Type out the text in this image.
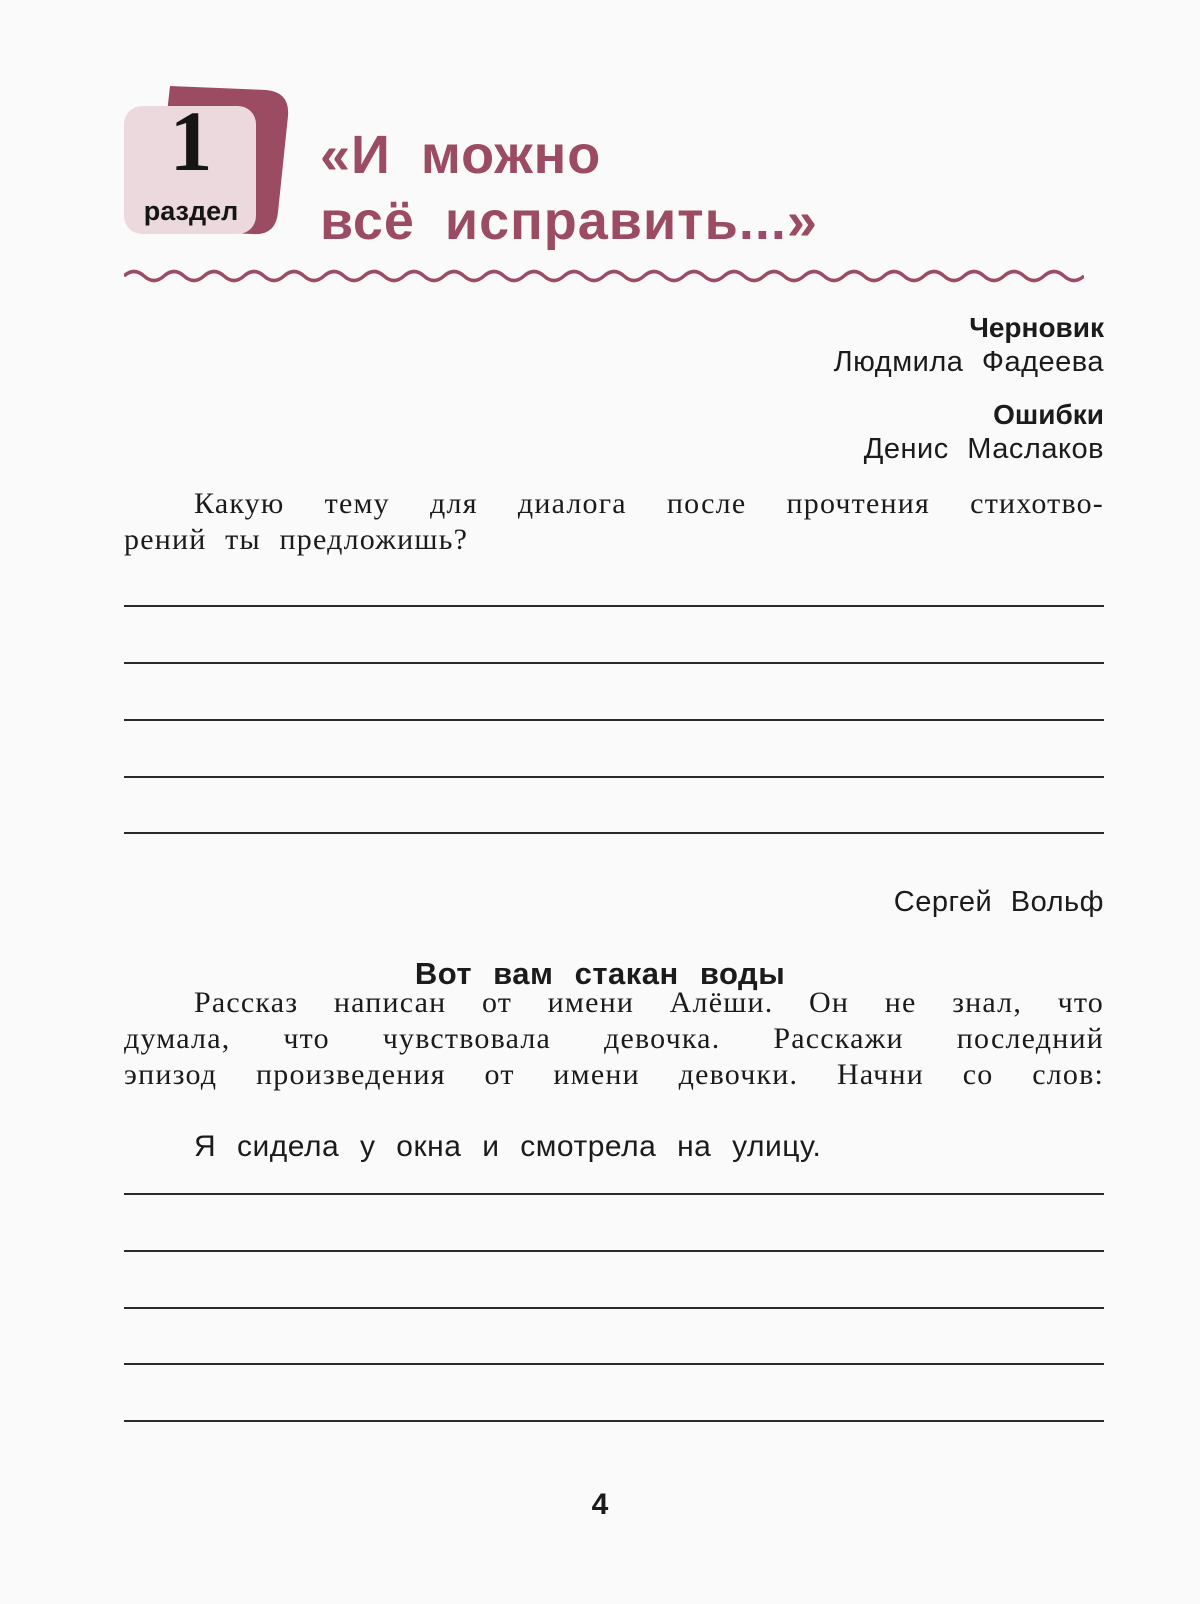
1
раздел
«И можно
всё исправить...»
Черновик
Людмила Фадеева
Ошибки
Денис Маслаков
Какую тему для диалога после прочтения стихотво-
рений ты предложишь?
Сергей Вольф
Вот вам стакан воды
Рассказ написан от имени Алёши. Он не знал, что
думала, что чувствовала девочка. Расскажи последний
эпизод произведения от имени девочки. Начни со слов:
Я сидела у окна и смотрела на улицу.
4
